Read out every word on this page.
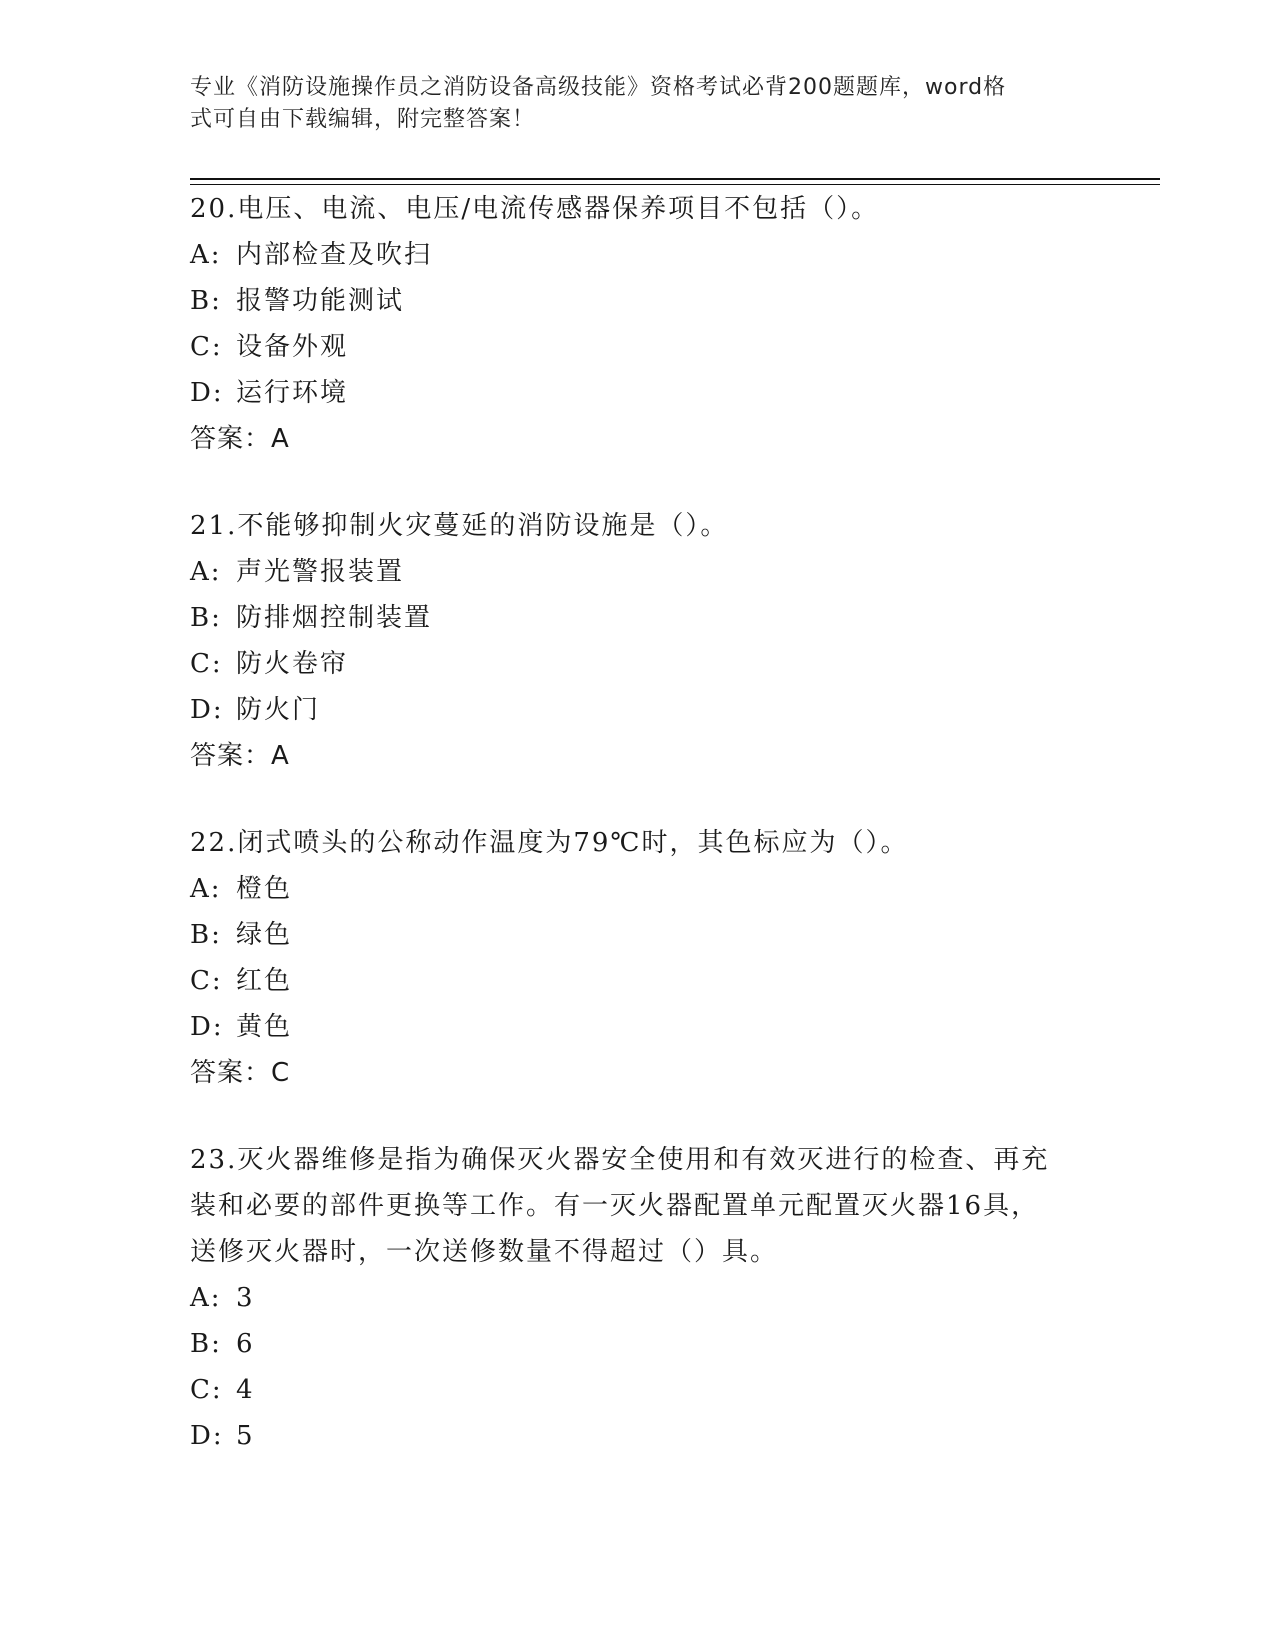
专业《消防设施操作员之消防设备高级技能》资格考试必背200题题库，word格
式可自由下载编辑，附完整答案！

20.电压、电流、电压/电流传感器保养项目不包括（）。

A: 内部检查及吹扫

B: 报警功能测试

C: 设备外观

D: 运行环境

答案：A

21.不能够抑制火灾蔓延的消防设施是（）。

A: 声光警报装置

B: 防排烟控制装置

C: 防火卷帘

D: 防火门

答案：A

22.闭式喷头的公称动作温度为79℃时，其色标应为（）。

A: 橙色

B: 绿色

C: 红色

D: 黄色

答案：C

23.灭火器维修是指为确保灭火器安全使用和有效灭进行的检查、再充

装和必要的部件更换等工作。有一灭火器配置单元配置灭火器16具，

送修灭火器时，一次送修数量不得超过（）具。

A: 3

B: 6

C: 4

D: 5
